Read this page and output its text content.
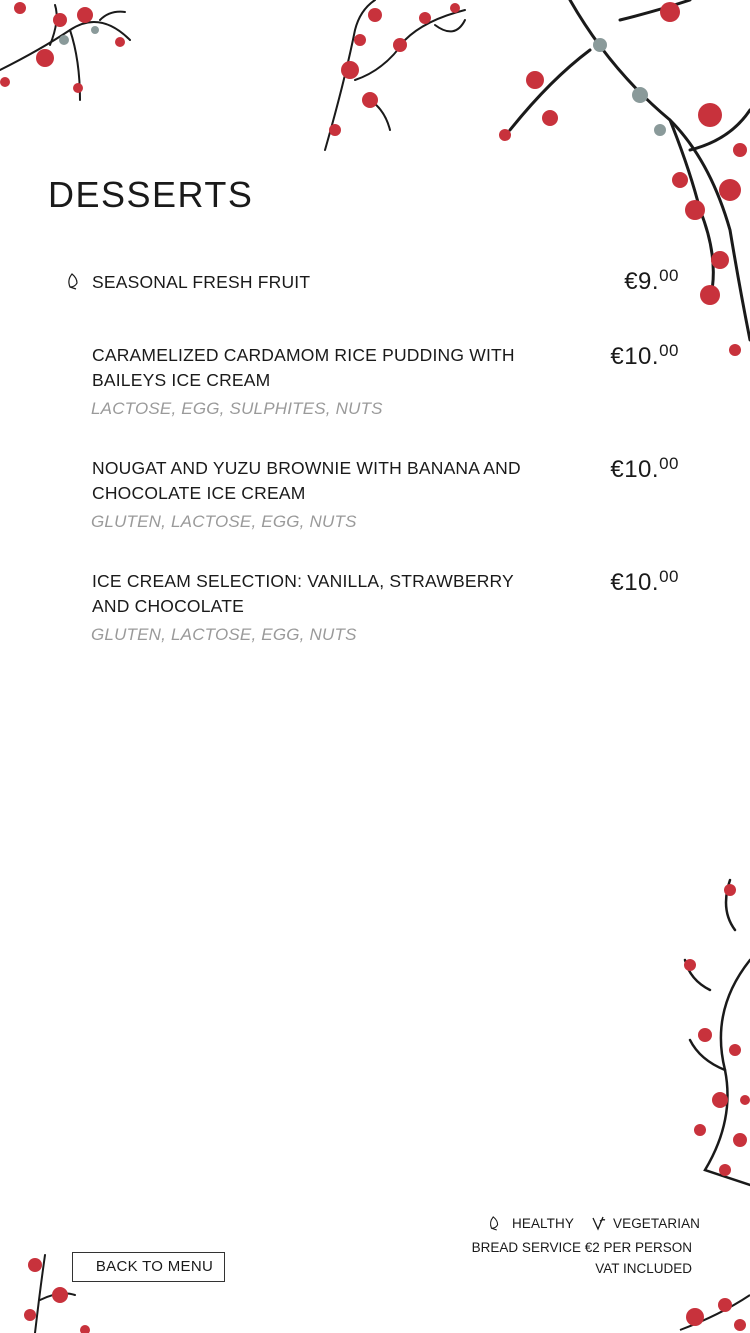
DESSERTS
SEASONAL FRESH FRUIT	€9.00
CARAMELIZED CARDAMOM RICE PUDDING WITH BAILEYS ICE CREAM
LACTOSE, EGG, SULPHITES, NUTS
€10.00
NOUGAT AND YUZU BROWNIE WITH BANANA AND CHOCOLATE ICE CREAM
GLUTEN, LACTOSE, EGG, NUTS
€10.00
ICE CREAM SELECTION: VANILLA, STRAWBERRY AND CHOCOLATE
GLUTEN, LACTOSE, EGG, NUTS
€10.00
HEALTHY	VEGETARIAN
BREAD SERVICE €2 PER PERSON
VAT INCLUDED
BACK TO MENU
